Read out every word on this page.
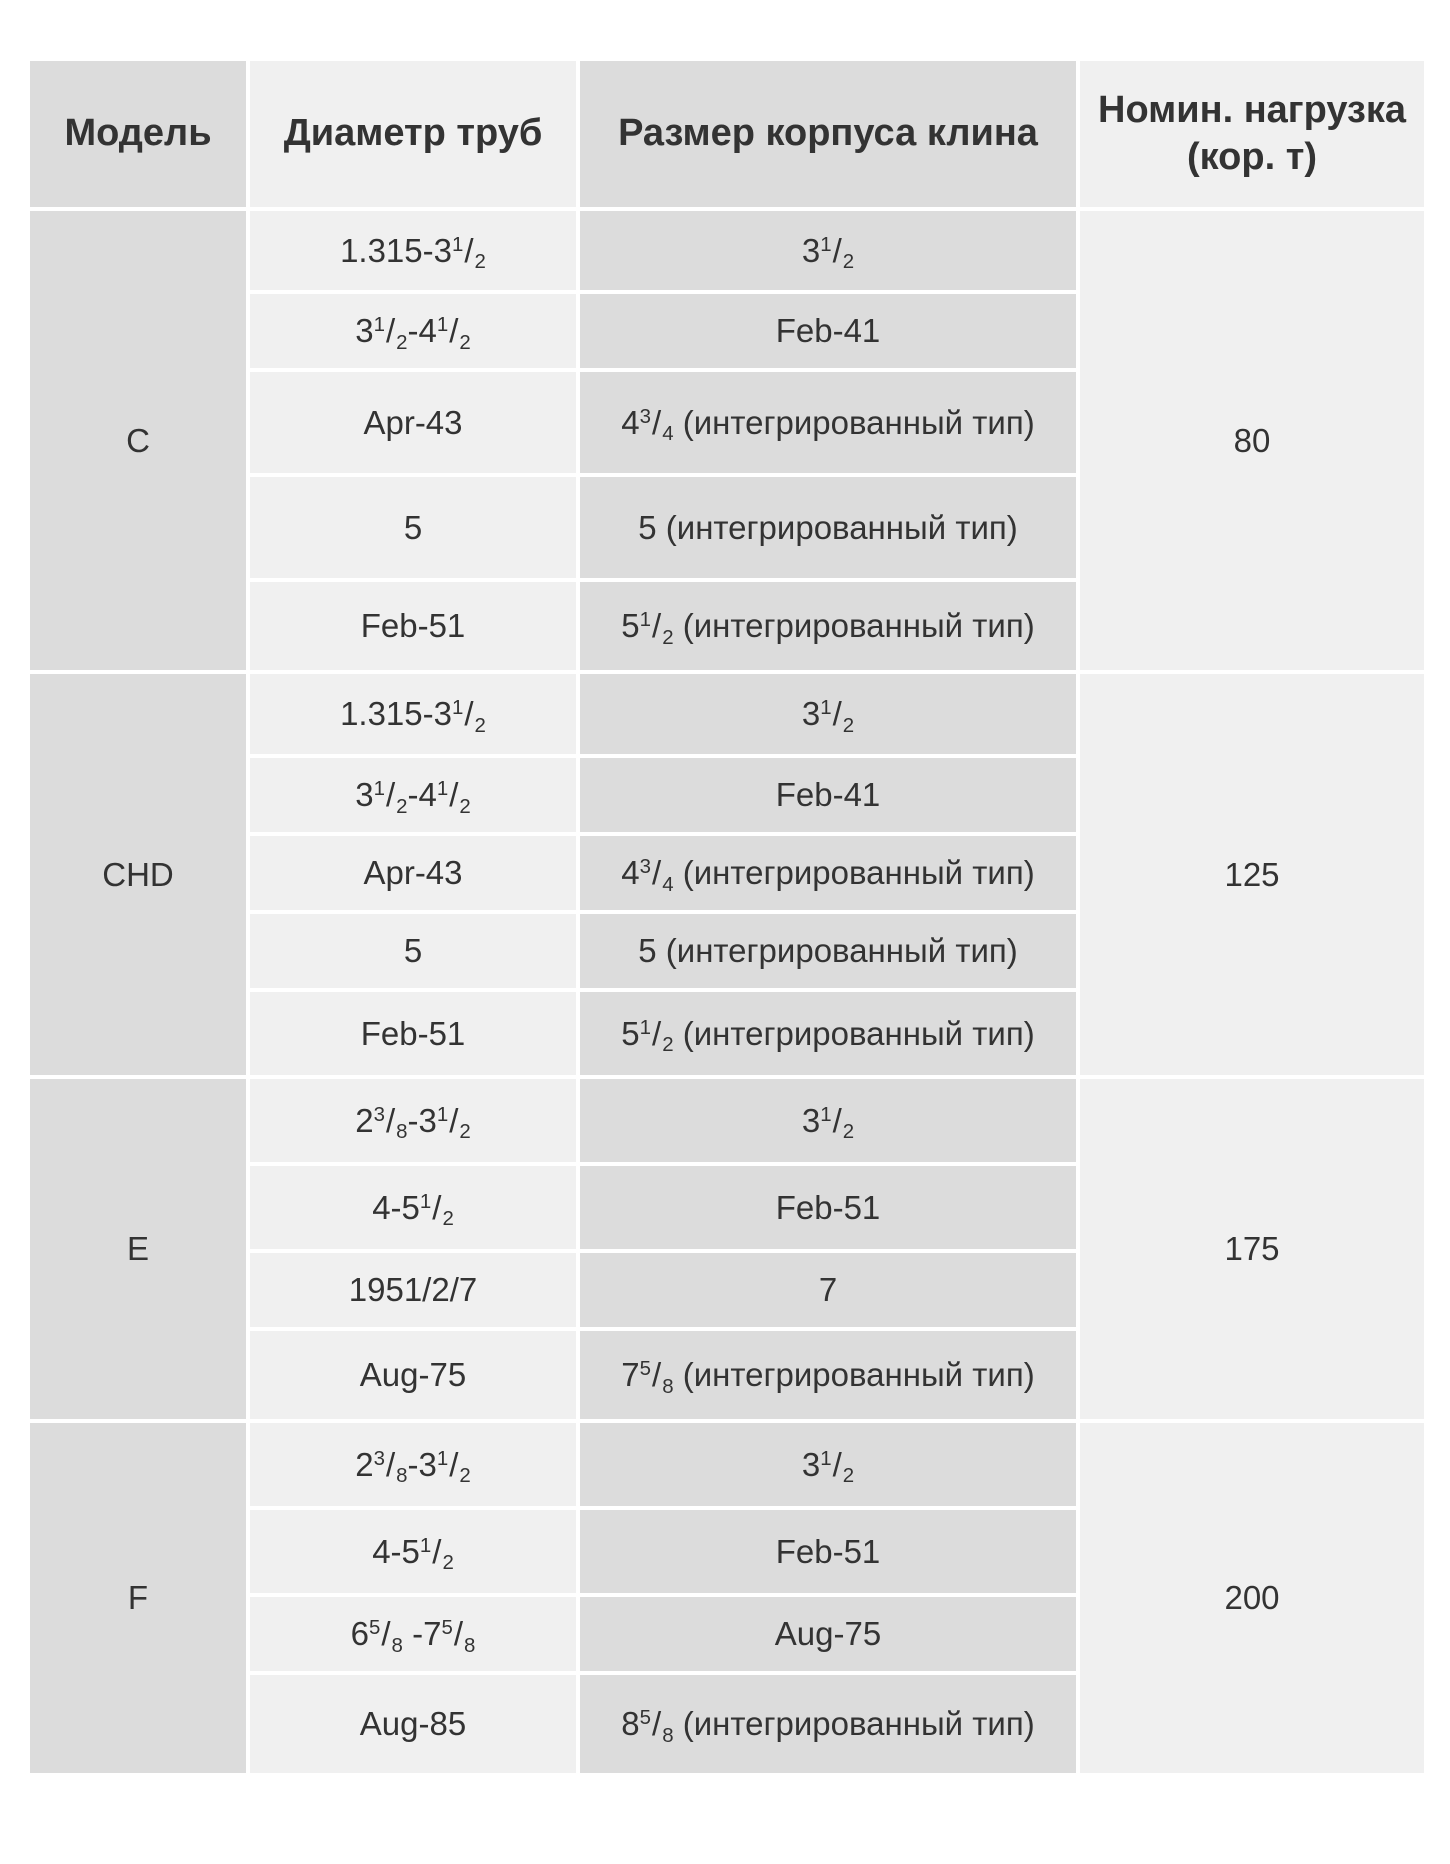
Модель	Диаметр труб	Размер корпуса клина	Номин. нагрузка (кор. т)
C	$1.315-3^1/_2$	$3^1/_2$	80
	$3^1/_2-4^1/_2$	Feb-41	
	Apr-43	$4^3/_4$ (интегрированный тип)	
	5	5 (интегрированный тип)	
	Feb-51	$5^1/_2$ (интегрированный тип)	
CHD	$1.315-3^1/_2$	$3^1/_2$	125
	$3^1/_2-4^1/_2$	Feb-41	
	Apr-43	$4^3/_4$ (интегрированный тип)	
	5	5 (интегрированный тип)	
	Feb-51	$5^1/_2$ (интегрированный тип)	
E	$2^3/_8-3^1/_2$	$3^1/_2$	175
	$4-5^1/_2$	Feb-51	
	1951/2/7	7	
	Aug-75	$7^5/_8$ (интегрированный тип)	
F	$2^3/_8-3^1/_2$	$3^1/_2$	200
	$4-5^1/_2$	Feb-51	
	$6^5/_8$ $-7^5/_8$	Aug-75	
	Aug-85	$8^5/_8$ (интегрированный тип)	
